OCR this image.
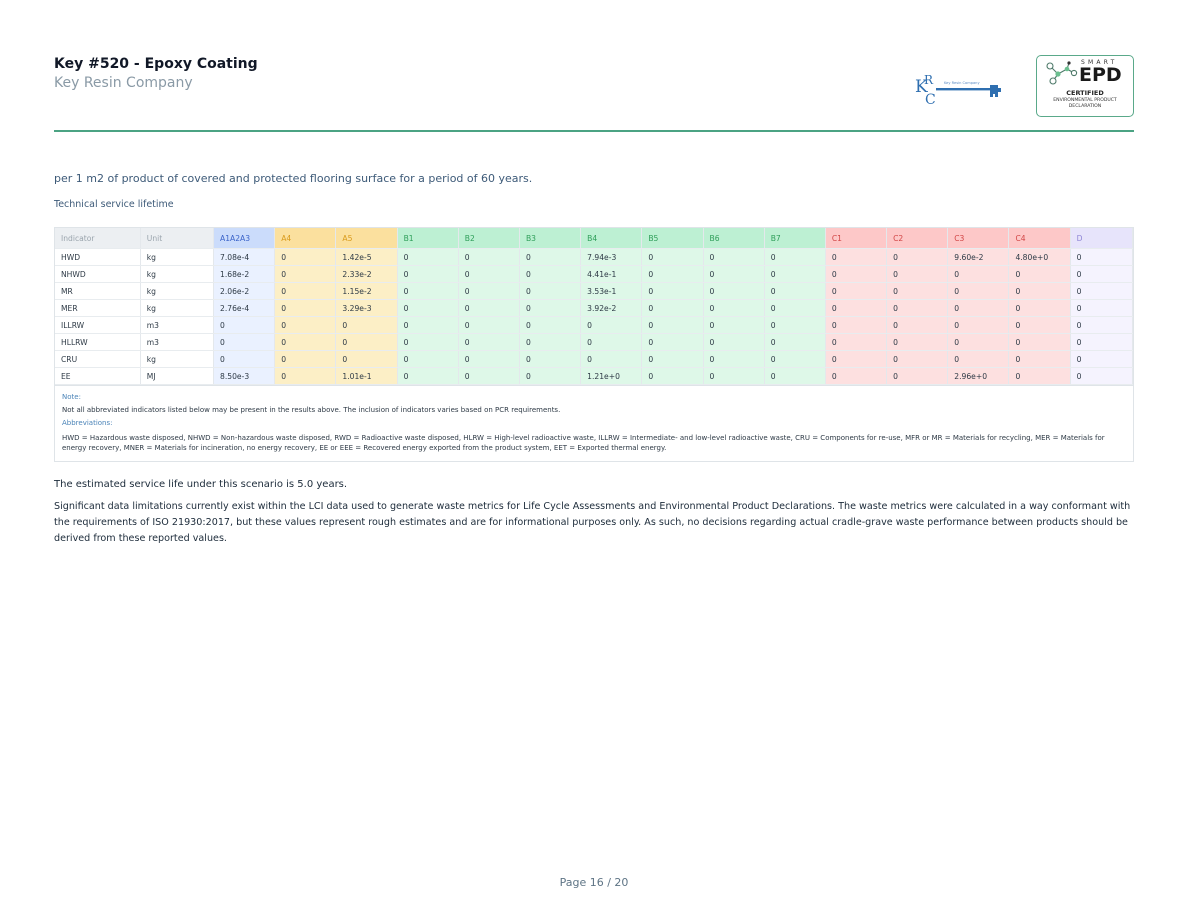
Key #520 - Epoxy Coating

Key Resin Company	K
R
C
Key Resin Company
SMART
EPD
CERTIFIED
ENVIRONMENTAL PRODUCT
DECLARATION

per 1 m2 of product of covered and protected flooring surface for a period of 60 years.

Technical service lifetime

Indicator	Unit	A1A2A3	A4	A5	B1	B2	B3	B4	B5	B6	B7	C1	C2	C3	C4	D
HWD	kg	7.08e-4	0	1.42e-5	0	0	0	7.94e-3	0	0	0	0	0	9.60e-2	4.80e+0	0
NHWD	kg	1.68e-2	0	2.33e-2	0	0	0	4.41e-1	0	0	0	0	0	0	0	0
MR	kg	2.06e-2	0	1.15e-2	0	0	0	3.53e-1	0	0	0	0	0	0	0	0
MER	kg	2.76e-4	0	3.29e-3	0	0	0	3.92e-2	0	0	0	0	0	0	0	0
ILLRW	m3	0	0	0	0	0	0	0	0	0	0	0	0	0	0	0
HLLRW	m3	0	0	0	0	0	0	0	0	0	0	0	0	0	0	0
CRU	kg	0	0	0	0	0	0	0	0	0	0	0	0	0	0	0
EE	MJ	8.50e-3	0	1.01e-1	0	0	0	1.21e+0	0	0	0	0	0	2.96e+0	0	0

Note:

Not all abbreviated indicators listed below may be present in the results above. The inclusion of indicators varies based on PCR requirements.

Abbreviations:

HWD = Hazardous waste disposed, NHWD = Non-hazardous waste disposed, RWD = Radioactive waste disposed, HLRW = High-level radioactive waste, ILLRW = Intermediate- and low-level radioactive waste, CRU = Components for re-use, MFR or MR = Materials for recycling, MER = Materials for energy recovery, MNER = Materials for incineration, no energy recovery, EE or EEE = Recovered energy exported from the product system, EET = Exported thermal energy.

The estimated service life under this scenario is 5.0 years.

Significant data limitations currently exist within the LCI data used to generate waste metrics for Life Cycle Assessments and Environmental Product Declarations. The waste metrics were calculated in a way conformant with the requirements of ISO 21930:2017, but these values represent rough estimates and are for informational purposes only. As such, no decisions regarding actual cradle-grave waste performance between products should be derived from these reported values.

Page 16 / 20
